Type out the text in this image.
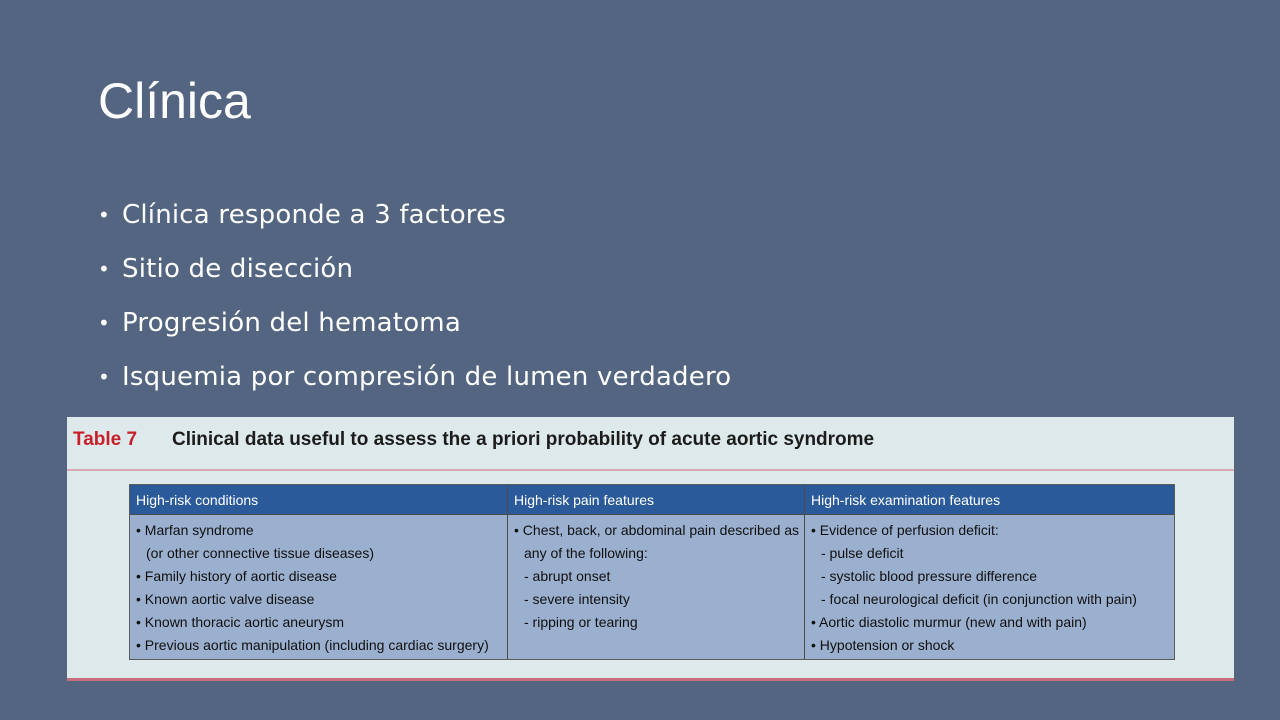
Clínica
• Clínica responde a 3 factores
• Sitio de disección
• Progresión del hematoma
• Isquemia por compresión de lumen verdadero
Table 7 Clinical data useful to assess the a priori probability of acute aortic syndrome
High-risk conditions	High-risk pain features	High-risk examination features
• Marfan syndrome
(or other connective tissue diseases)
• Family history of aortic disease
• Known aortic valve disease
• Known thoracic aortic aneurysm
• Previous aortic manipulation (including cardiac surgery)
• Chest, back, or abdominal pain described as
any of the following:
- abrupt onset
- severe intensity
- ripping or tearing
• Evidence of perfusion deficit:
- pulse deficit
- systolic blood pressure difference
- focal neurological deficit (in conjunction with pain)
• Aortic diastolic murmur (new and with pain)
• Hypotension or shock
